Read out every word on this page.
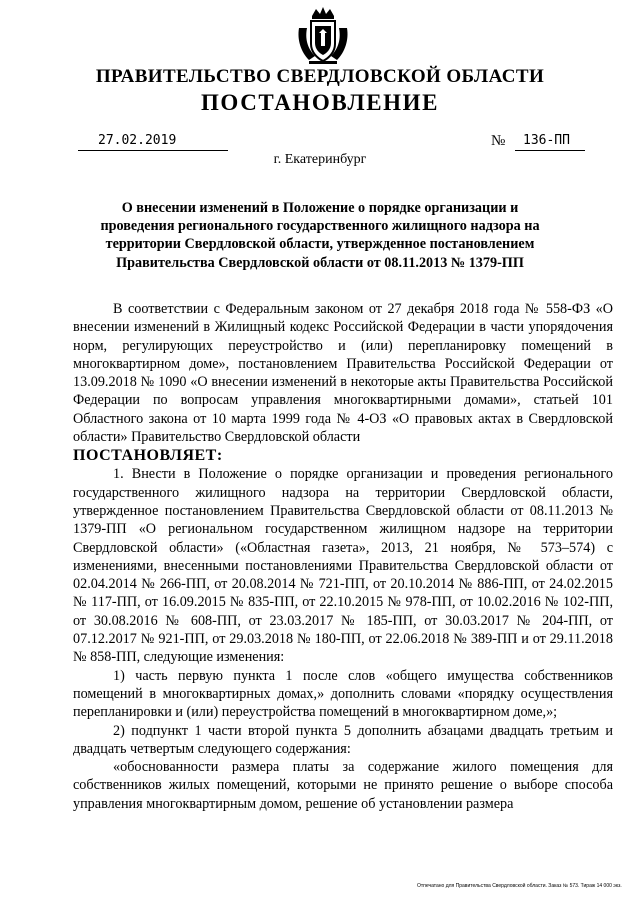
ПРАВИТЕЛЬСТВО СВЕРДЛОВСКОЙ ОБЛАСТИ
ПОСТАНОВЛЕНИЕ
27.02.2019	№ 136-ПП
г. Екатеринбург
О внесении изменений в Положение о порядке организации и проведения регионального государственного жилищного надзора на территории Свердловской области, утвержденное постановлением Правительства Свердловской области от 08.11.2013 № 1379-ПП

В соответствии с Федеральным законом от 27 декабря 2018 года № 558-ФЗ «О внесении изменений в Жилищный кодекс Российской Федерации в части упорядочения норм, регулирующих переустройство и (или) перепланировку помещений в многоквартирном доме», постановлением Правительства Российской Федерации от 13.09.2018 № 1090 «О внесении изменений в некоторые акты Правительства Российской Федерации по вопросам управления многоквартирными домами», статьей 101 Областного закона от 10 марта 1999 года № 4-ОЗ «О правовых актах в Свердловской области» Правительство Свердловской области

ПОСТАНОВЛЯЕТ:

1. Внести в Положение о порядке организации и проведения регионального государственного жилищного надзора на территории Свердловской области, утвержденное постановлением Правительства Свердловской области от 08.11.2013 № 1379-ПП «О региональном государственном жилищном надзоре на территории Свердловской области» («Областная газета», 2013, 21 ноября, № 573–574) с изменениями, внесенными постановлениями Правительства Свердловской области от 02.04.2014 № 266-ПП, от 20.08.2014 № 721-ПП, от 20.10.2014 № 886-ПП, от 24.02.2015 № 117-ПП, от 16.09.2015 № 835-ПП, от 22.10.2015 № 978-ПП, от 10.02.2016 № 102-ПП, от 30.08.2016 № 608-ПП, от 23.03.2017 № 185-ПП, от 30.03.2017 № 204-ПП, от 07.12.2017 № 921-ПП, от 29.03.2018 № 180-ПП, от 22.06.2018 № 389-ПП и от 29.11.2018 № 858-ПП, следующие изменения:

1) часть первую пункта 1 после слов «общего имущества собственников помещений в многоквартирных домах,» дополнить словами «порядку осуществления перепланировки и (или) переустройства помещений в многоквартирном доме,»;

2) подпункт 1 части второй пункта 5 дополнить абзацами двадцать третьим и двадцать четвертым следующего содержания:

«обоснованности размера платы за содержание жилого помещения для собственников жилых помещений, которыми не принято решение о выборе способа управления многоквартирным домом, решение об установлении размера

Отпечатано для Правительства Свердловской области. Заказ № 573. Тираж 14 000 экз.
